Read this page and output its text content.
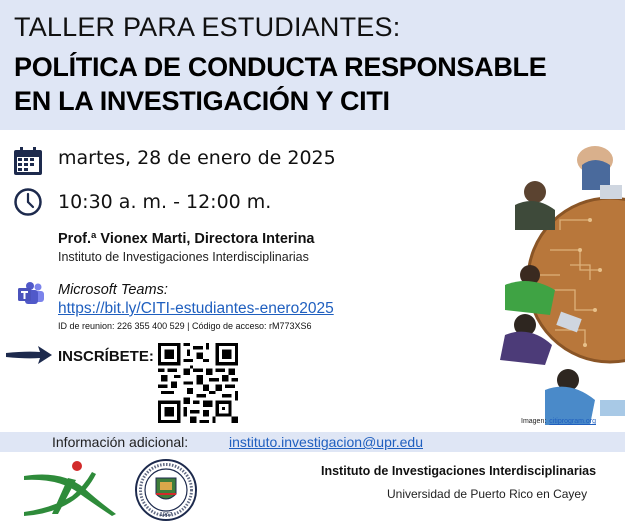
TALLER PARA ESTUDIANTES:
POLÍTICA DE CONDUCTA RESPONSABLE
EN LA INVESTIGACIÓN Y CITI
martes, 28 de enero de 2025
10:30 a. m. - 12:00 m.
Prof.ª Vionex Marti, Directora Interina
Instituto de Investigaciones Interdisciplinarias
Microsoft Teams:
https://bit.ly/CITI-estudiantes-enero2025
ID de reunion: 226 355 400 529 | Código de acceso: rM773XS6
INSCRÍBETE:
Imagen: citiprogram.org
Información adicional:	instituto.investigacion@upr.edu
1967
Instituto de Investigaciones Interdisciplinarias
Universidad de Puerto Rico en Cayey
